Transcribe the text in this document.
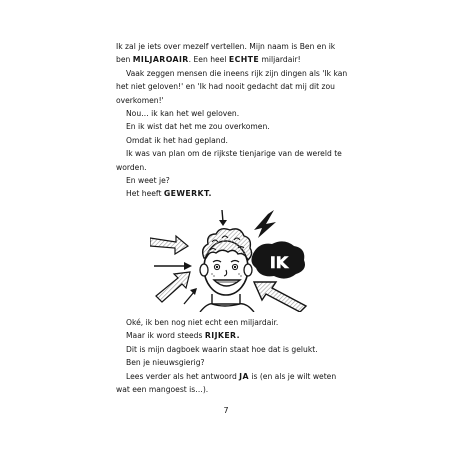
Ik zal je iets over mezelf vertellen. Mijn naam is Ben en ik

ben MILJAROAIR. Een heel ECHTE miljardair!

Vaak zeggen mensen die ineens rijk zijn dingen als 'Ik kan

het niet geloven!' en 'Ik had nooit gedacht dat mij dit zou

overkomen!'

Nou… ik kan het wel geloven.

En ik wist dat het me zou overkomen.

Omdat ik het had gepland.

Ik was van plan om de rijkste tienjarige van de wereld te

worden.

En weet je?

Het heeft GEWERKT.

IK

Oké, ik ben nog niet echt een miljardair.

Maar ik word steeds RIJKER.

Dit is mijn dagboek waarin staat hoe dat is gelukt.

Ben je nieuwsgierig?

Lees verder als het antwoord JA is (en als je wilt weten

wat een mangoest is…).

7
